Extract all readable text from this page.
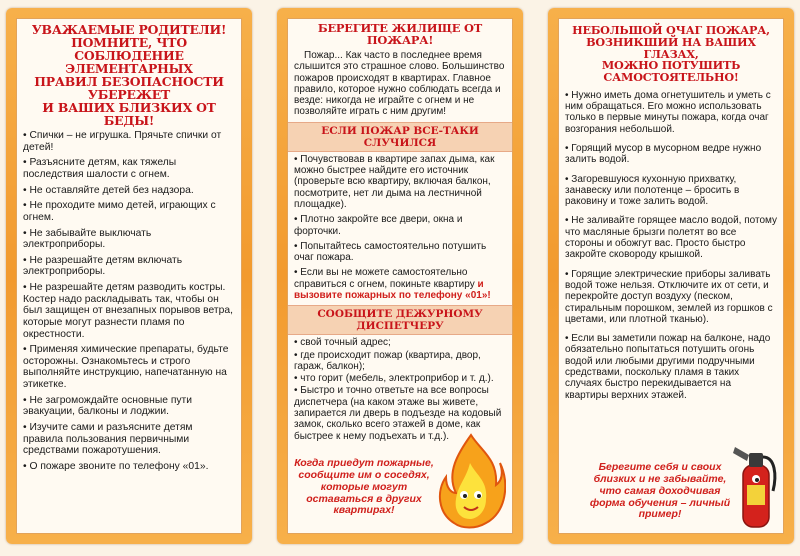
УВАЖАЕМЫЕ РОДИТЕЛИ!
ПОМНИТЕ, ЧТО СОБЛЮДЕНИЕ
ЭЛЕМЕНТАРНЫХ
ПРАВИЛ БЕЗОПАСНОСТИ
УБЕРЕЖЕТ
И ВАШИХ БЛИЗКИХ ОТ БЕДЫ!

• Спички – не игрушка. Прячьте спички от детей!

• Разъясните детям, как тяжелы последствия шалости с огнем.

• Не оставляйте детей без надзора.

• Не проходите мимо детей, играющих с огнем.

• Не забывайте выключать электроприборы.

• Не разрешайте детям включать электроприборы.

• Не разрешайте детям разводить костры. Костер надо раскладывать так, чтобы он был защищен от внезапных порывов ветра, которые могут разнести пламя по окрестности.

• Применяя химические препараты, будьте осторожны. Ознакомьтесь и строго выполняйте инструкцию, напечатанную на этикетке.

• Не загромождайте основные пути эвакуации, балконы и лоджии.

• Изучите сами и разъясните детям правила пользования первичными средствами пожаротушения.

• О пожаре звоните по телефону «01».

БЕРЕГИТЕ ЖИЛИЩЕ ОТ ПОЖАРА!

Пожар... Как часто в последнее время слышится это страшное слово. Большинство пожаров происходят в квартирах. Главное правило, которое нужно соблюдать всегда и везде: никогда не играйте с огнем и не позволяйте играть с ним другим!

ЕСЛИ ПОЖАР ВСЕ-ТАКИ СЛУЧИЛСЯ

• Почувствовав в квартире запах дыма, как можно быстрее найдите его источник (проверьте всю квартиру, включая балкон, посмотрите, нет ли дыма на лестничной площадке).

• Плотно закройте все двери, окна и форточки.

• Попытайтесь самостоятельно потушить очаг пожара.

• Если вы не можете самостоятельно справиться с огнем, покиньте квартиру и вызовите пожарных по телефону «01»!

СООБЩИТЕ ДЕЖУРНОМУ ДИСПЕТЧЕРУ

• свой точный адрес;

• где происходит пожар (квартира, двор, гараж, балкон);

• что горит (мебель, электроприбор и т. д.).

• Быстро и точно ответьте на все вопросы диспетчера (на каком этаже вы живете, запирается ли дверь в подъезде на кодовый замок, сколько всего этажей в доме, как быстрее к нему подъехать и т.д.).

Когда приедут пожарные, сообщите им о соседях, которые могут оставаться в других квартирах!
НЕБОЛЬШОЙ ОЧАГ ПОЖАРА,
ВОЗНИКШИЙ НА ВАШИХ ГЛАЗАХ,
МОЖНО ПОТУШИТЬ
САМОСТОЯТЕЛЬНО!

• Нужно иметь дома огнетушитель и уметь с ним обращаться. Его можно использовать только в первые минуты пожара, когда очаг возгорания небольшой.

• Горящий мусор в мусорном ведре нужно залить водой.

• Загоревшуюся кухонную прихватку, занавеску или полотенце – бросить в раковину и тоже залить водой.

• Не заливайте горящее масло водой, потому что масляные брызги полетят во все стороны и обожгут вас. Просто быстро закройте сковороду крышкой.

• Горящие электрические приборы заливать водой тоже нельзя. Отключите их от сети, и перекройте доступ воздуху (песком, стиральным порошком, землей из горшков с цветами, или плотной тканью).

• Если вы заметили пожар на балконе, надо обязательно попытаться потушить огонь водой или любыми другими подручными средствами, поскольку пламя в таких случаях быстро перекидывается на квартиры верхних этажей.

Берегите себя и своих близких и не забывайте, что самая доходчивая форма обучения – личный пример!
